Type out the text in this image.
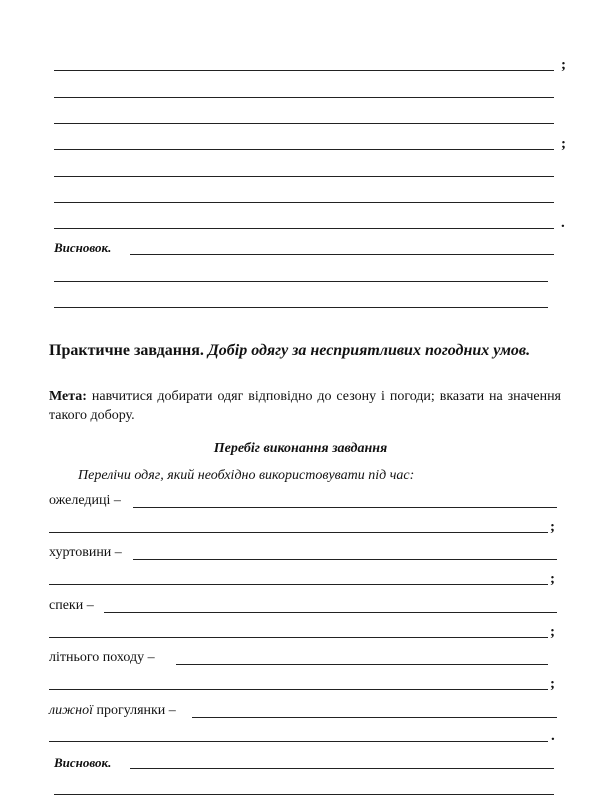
;
;
.
Висновок.
Практичне завдання. Добір одягу за несприятливих погодних умов.
Мета: навчитися добирати одяг відповідно до сезону і погоди; вказати на значення такого добору.
Перебіг виконання завдання
Перелічи одяг, який необхідно використовувати під час:
ожеледиці –
;
хуртовини –
;
спеки –
;
літнього походу –
;
лижної прогулянки –
.
Висновок.
